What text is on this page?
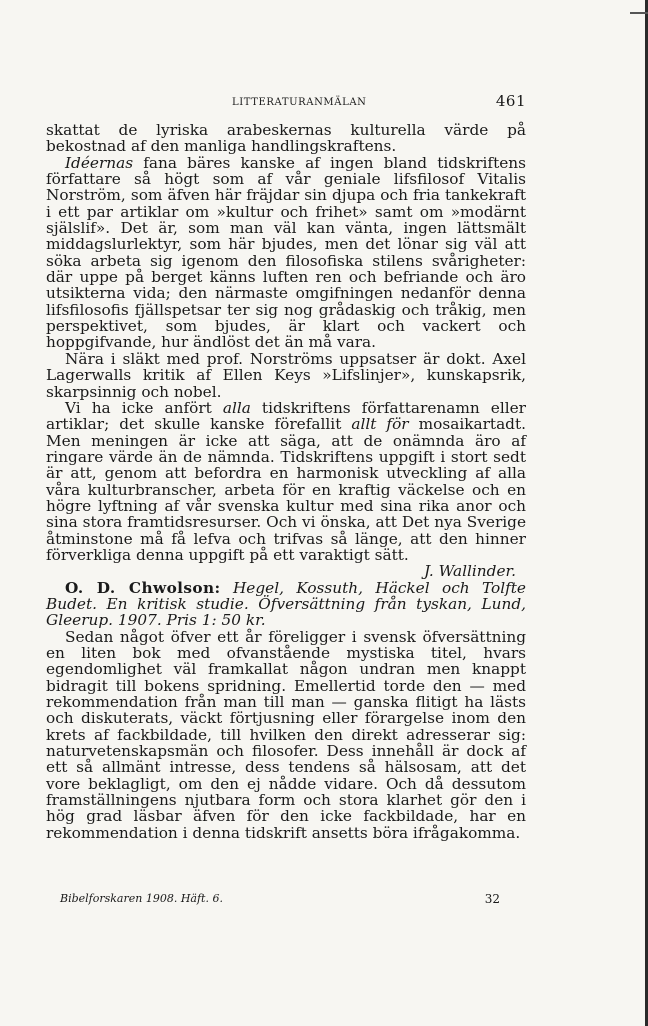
LITTERATURANMÄLAN	461

skattat de lyriska arabeskernas kulturella värde på bekostnad af den manliga handlingskraftens.

Idéernas fana bäres kanske af ingen bland tidskriftens författare så högt som af vår geniale lifsfilosof Vitalis Norström, som äfven här fräjdar sin djupa och fria tankekraft i ett par artiklar om »kultur och frihet» samt om »modärnt själslif». Det är, som man väl kan vänta, ingen lättsmält middagslurlektyr, som här bjudes, men det lönar sig väl att söka arbeta sig igenom den filosofiska stilens svårigheter: där uppe på berget känns luften ren och befriande och äro utsikterna vida; den närmaste omgifningen nedanför denna lifsfilosofis fjällspetsar ter sig nog grådaskig och tråkig, men perspektivet, som bjudes, är klart och vackert och hoppgifvande, hur ändlöst det än må vara.

Nära i släkt med prof. Norströms uppsatser är dokt. Axel Lagerwalls kritik af Ellen Keys »Lifslinjer», kunskapsrik, skarpsinnig och nobel.

Vi ha icke anfört alla tidskriftens författarenamn eller artiklar; det skulle kanske förefallit allt för mosaikartadt. Men meningen är icke att säga, att de onämnda äro af ringare värde än de nämnda. Tidskriftens uppgift i stort sedt är att, genom att befordra en harmonisk utveckling af alla våra kulturbranscher, arbeta för en kraftig väckelse och en högre lyftning af vår svenska kultur med sina rika anor och sina stora framtidsresurser. Och vi önska, att Det nya Sverige åtminstone må få lefva och trifvas så länge, att den hinner förverkliga denna uppgift på ett varaktigt sätt.

J. Wallinder.

O. D. Chwolson: Hegel, Kossuth, Häckel och Tolfte Budet. En kritisk studie. Öfversättning från tyskan, Lund, Gleerup. 1907. Pris 1: 50 kr.

Sedan något öfver ett år föreligger i svensk öfversättning en liten bok med ofvanstående mystiska titel, hvars egendomlighet väl framkallat någon undran men knappt bidragit till bokens spridning. Emellertid torde den — med rekommendation från man till man — ganska flitigt ha lästs och diskuterats, väckt förtjusning eller förargelse inom den krets af fackbildade, till hvilken den direkt adresserar sig: naturvetenskapsmän och filosofer. Dess innehåll är dock af ett så allmänt intresse, dess tendens så hälsosam, att det vore beklagligt, om den ej nådde vidare. Och då dessutom framställningens njutbara form och stora klarhet gör den i hög grad läsbar äfven för den icke fackbildade, har en rekommendation i denna tidskrift ansetts böra ifrågakomma.

Bibelforskaren 1908. Häft. 6.	32
